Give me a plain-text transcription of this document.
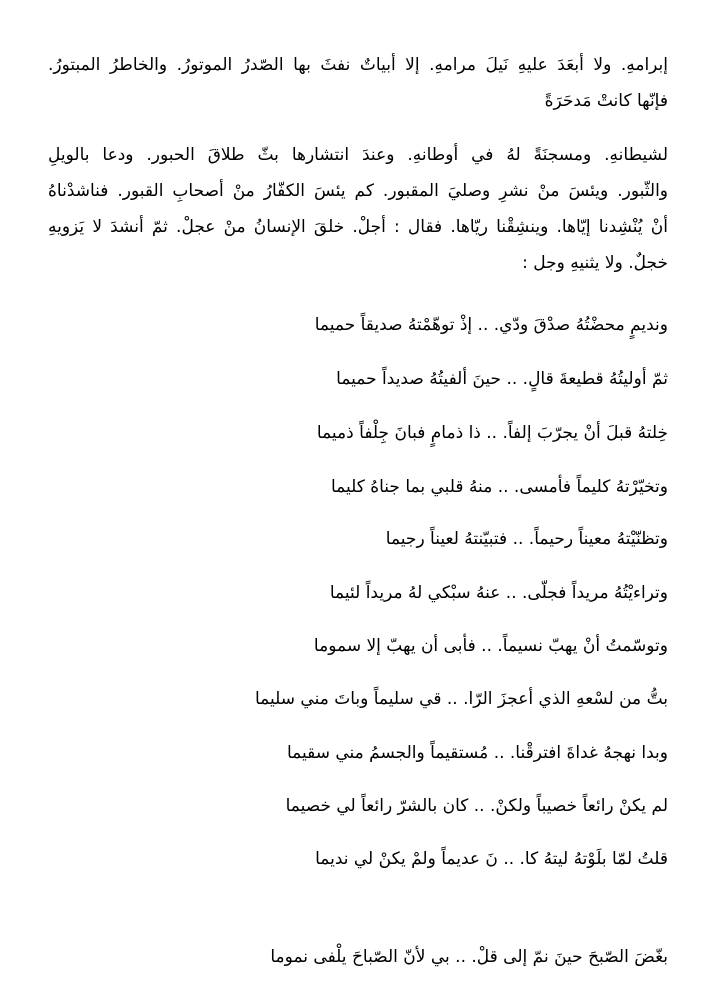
إبرامهِ. ولا أبعَدَ عليهِ نَيلَ مرامهِ. إلا أبياتٌ نفثَ بها الصّدرُ الموتورُ. والخاطرُ المبتورُ.
فإنّها كانتْ مَدحَرَةً
لشيطانهِ. ومسجنَةً لهُ في أوطانهِ. وعندَ انتشارها بثّ طلاقَ الحبور. ودعا بالويلِ
والثّبور. ويئسَ منْ نشرِ وصليَ المقبور. كم يئسَ الكفّارُ منْ أصحابِ القبور. فناشدْناهُ
أنْ يُنْشِدنا إيّاها. وينشِقْنا ريّاها. فقال : أجلْ. خلقَ الإنسانُ منْ عجلْ. ثمّ أنشدَ لا يَزويهِ
خجلٌ. ولا يثنيهِ وجل :
ونديمٍ محضْتُهُ صدْقَ ودّي. .. إذْ توهّمْتهُ صديقاً حميما
ثمّ أوليتُهُ قطيعةَ قالٍ. .. حينَ ألفيتُهُ صديداً حميما
خِلتهُ قبلَ أنْ يجرّبَ إلفاً. .. ذا ذمامٍ فبانَ جِلْفاً ذميما
وتخيّرْتهُ كليماً فأمسى. .. منهُ قلبي بما جناهُ كليما
وتظنّيْتهُ معيناً رحيماً. .. فتبيّنتهُ لعيناً رجيما
وتراءيْتُهُ مريداً فجلّى. .. عنهُ سبْكي لهُ مريداً لئيما
وتوسّمتُ أنْ يهبّ نسيماً. .. فأبى أن يهبّ إلا سموما
بتُّ من لسْعهِ الذي أعجزَ الرّا. .. قي سليماً وباتَ مني سليما
وبدا نهجهُ غداةَ افترقْنا. .. مُستقيماً والجسمُ مني سقيما
لم يكنْ رائعاً خصيباً ولكنْ. .. كان بالشرّ رائعاً لي خصيما
قلتُ لمّا بلَوْتهُ ليتهُ كا. .. نَ عديماً ولمْ يكنْ لي نديما
بغّضَ الصّبحَ حينَ نمّ إلى قلْ. .. بي لأنّ الصّباحَ يلْفى نموما
